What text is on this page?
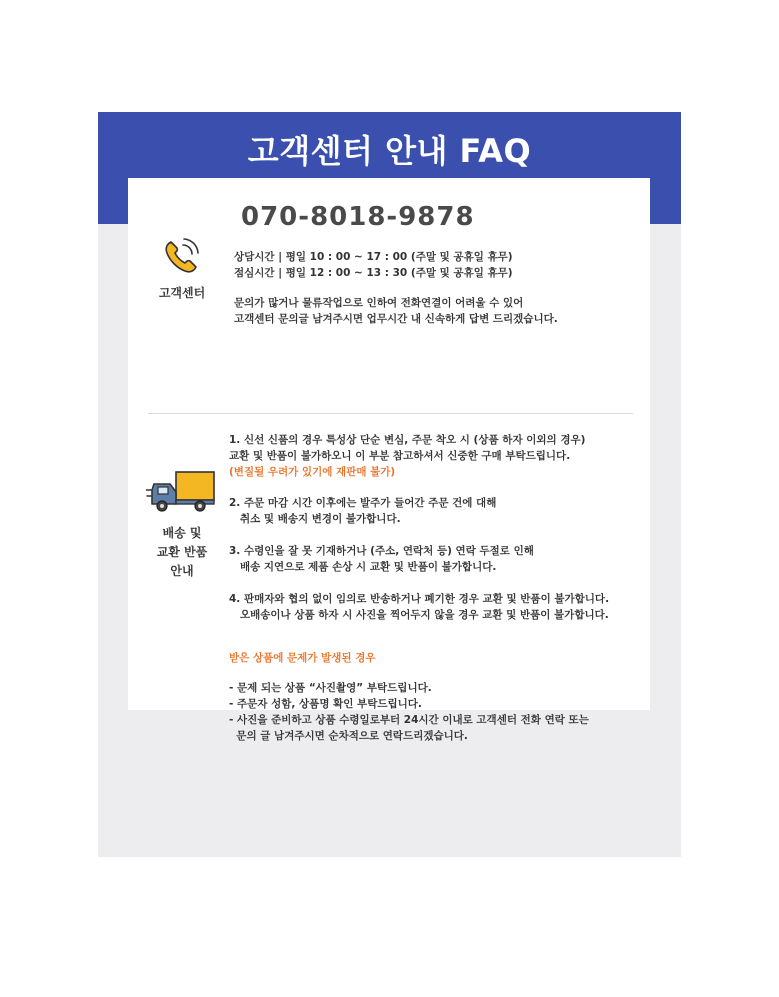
고객센터 안내 FAQ
070-8018-9878
고객센터
상담시간 | 평일 10 : 00 ~ 17 : 00 (주말 및 공휴일 휴무)
점심시간 | 평일 12 : 00 ~ 13 : 30 (주말 및 공휴일 휴무)
문의가 많거나 물류작업으로 인하여 전화연결이 어려울 수 있어
고객센터 문의글 남겨주시면 업무시간 내 신속하게 답변 드리겠습니다.
배송 및
교환 반품
안내
1. 신선 신품의 경우 특성상 단순 변심, 주문 착오 시 (상품 하자 이외의 경우)
교환 및 반품이 불가하오니 이 부분 참고하셔서 신중한 구매 부탁드립니다.
(변질될 우려가 있기에 재판매 불가)
2. 주문 마감 시간 이후에는 발주가 들어간 주문 건에 대해
취소 및 배송지 변경이 불가합니다.
3. 수령인을 잘 못 기재하거나 (주소, 연락처 등) 연락 두절로 인해
배송 지연으로 제품 손상 시 교환 및 반품이 불가합니다.
4. 판매자와 협의 없이 임의로 반송하거나 폐기한 경우 교환 및 반품이 불가합니다.
오배송이나 상품 하자 시 사진을 찍어두지 않을 경우 교환 및 반품이 불가합니다.
받은 상품에 문제가 발생된 경우
- 문제 되는 상품 “사진촬영” 부탁드립니다.
- 주문자 성함, 상품명 확인 부탁드립니다.
- 사진을 준비하고 상품 수령일로부터 24시간 이내로 고객센터 전화 연락 또는
문의 글 남겨주시면 순차적으로 연락드리겠습니다.
